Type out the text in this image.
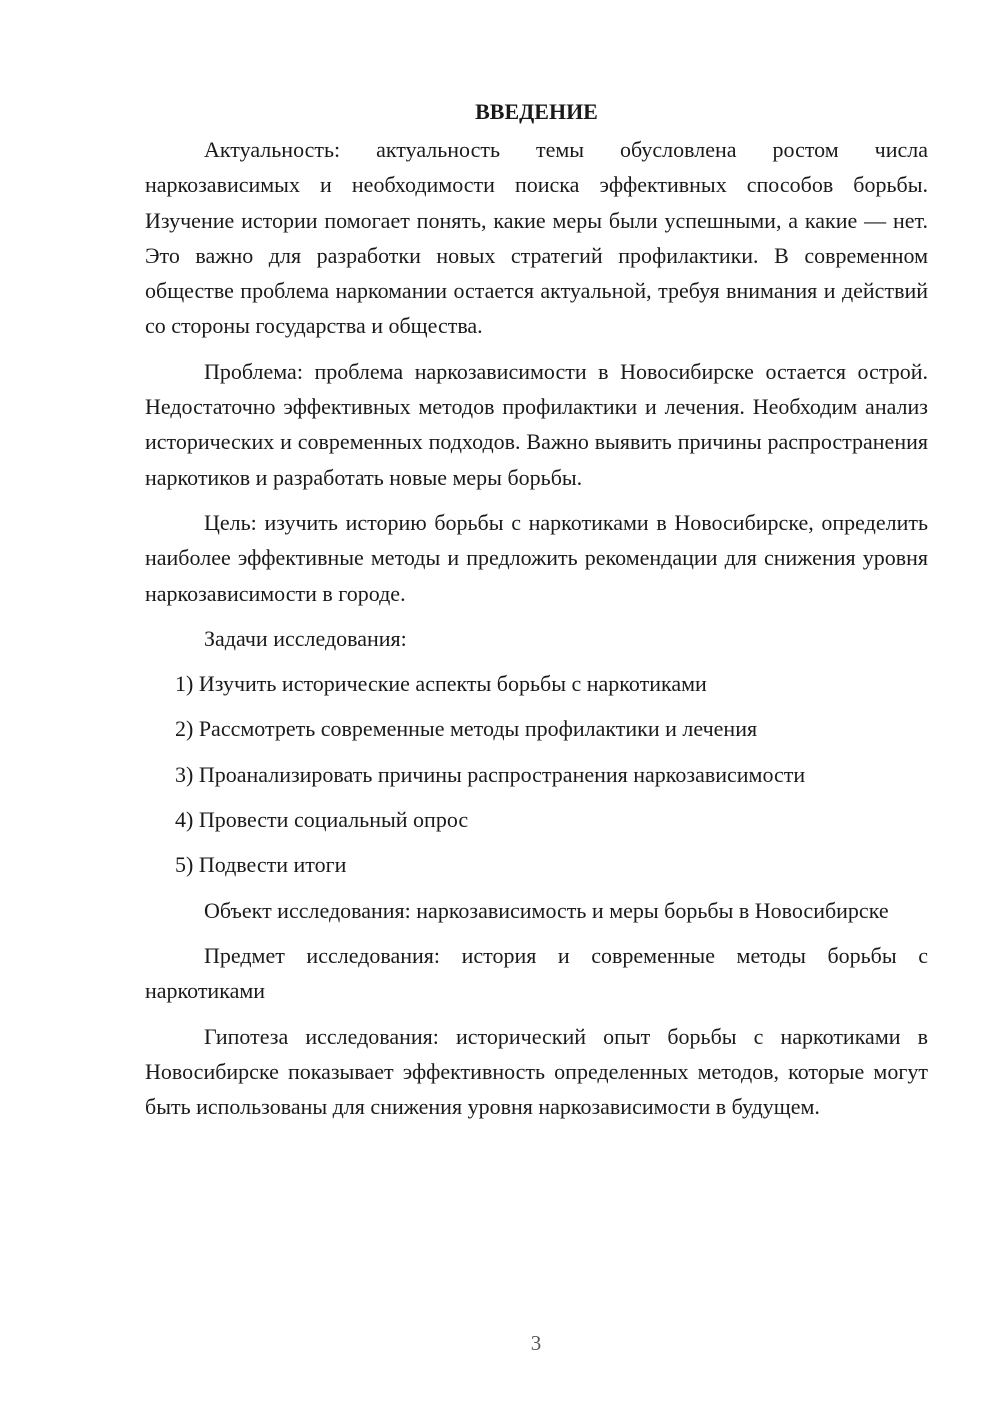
ВВЕДЕНИЕ

Актуальность: актуальность темы обусловлена ростом числа наркозависимых и необходимости поиска эффективных способов борьбы. Изучение истории помогает понять, какие меры были успешными, а какие — нет. Это важно для разработки новых стратегий профилактики. В современном обществе проблема наркомании остается актуальной, требуя внимания и действий со стороны государства и общества.

Проблема: проблема наркозависимости в Новосибирске остается острой. Недостаточно эффективных методов профилактики и лечения. Необходим анализ исторических и современных подходов. Важно выявить причины распространения наркотиков и разработать новые меры борьбы.

Цель: изучить историю борьбы с наркотиками в Новосибирске, определить наиболее эффективные методы и предложить рекомендации для снижения уровня наркозависимости в городе.

Задачи исследования:

1) Изучить исторические аспекты борьбы с наркотиками
2) Рассмотреть современные методы профилактики и лечения
3) Проанализировать причины распространения наркозависимости
4) Провести социальный опрос
5) Подвести итоги

Объект исследования: наркозависимость и меры борьбы в Новосибирске

Предмет исследования: история и современные методы борьбы с наркотиками

Гипотеза исследования: исторический опыт борьбы с наркотиками в Новосибирске показывает эффективность определенных методов, которые могут быть использованы для снижения уровня наркозависимости в будущем.

3
